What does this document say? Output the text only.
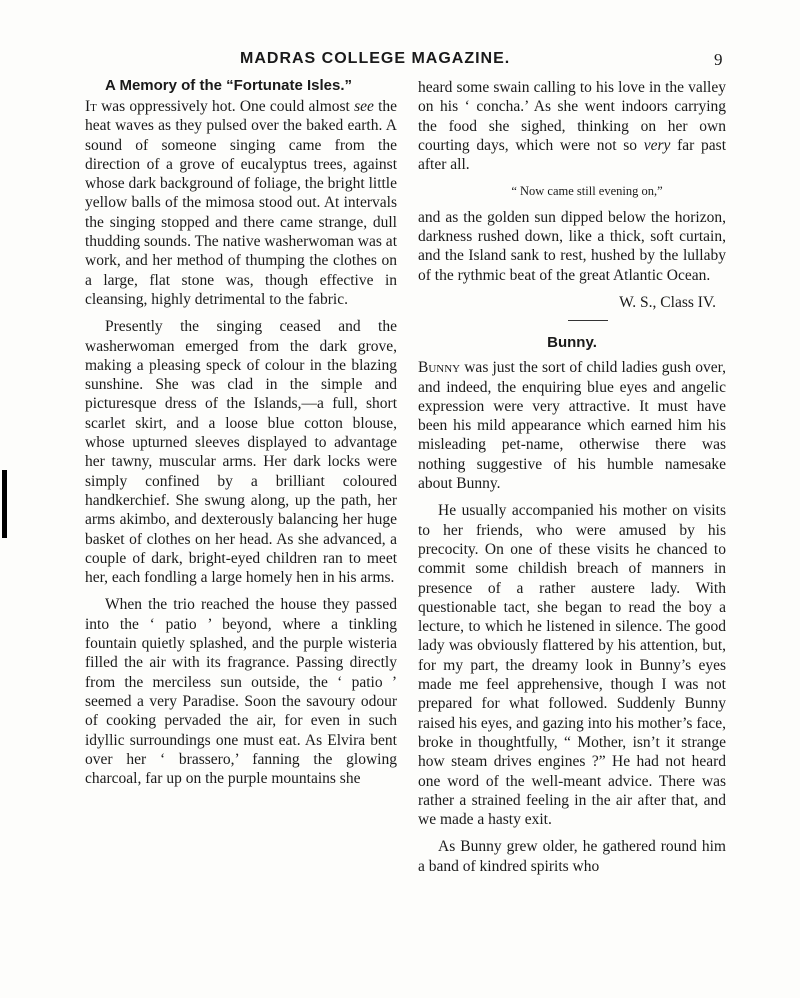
MADRAS COLLEGE MAGAZINE.	9
A Memory of the “Fortunate Isles.”

It was oppressively hot. One could almost see the heat waves as they pulsed over the baked earth. A sound of someone singing came from the direction of a grove of eucalyptus trees, against whose dark background of foliage, the bright little yellow balls of the mimosa stood out. At intervals the singing stopped and there came strange, dull thudding sounds. The native washerwoman was at work, and her method of thumping the clothes on a large, flat stone was, though effective in cleansing, highly detrimental to the fabric.

Presently the singing ceased and the washerwoman emerged from the dark grove, making a pleasing speck of colour in the blazing sunshine. She was clad in the simple and picturesque dress of the Islands,—a full, short scarlet skirt, and a loose blue cotton blouse, whose upturned sleeves displayed to advantage her tawny, muscular arms. Her dark locks were simply confined by a brilliant coloured handkerchief. She swung along, up the path, her arms akimbo, and dexterously balancing her huge basket of clothes on her head. As she advanced, a couple of dark, bright-eyed children ran to meet her, each fondling a large homely hen in his arms.

When the trio reached the house they passed into the ‘ patio ’ beyond, where a tinkling fountain quietly splashed, and the purple wisteria filled the air with its fragrance. Passing directly from the merciless sun outside, the ‘ patio ’ seemed a very Paradise. Soon the savoury odour of cooking pervaded the air, for even in such idyllic surroundings one must eat. As Elvira bent over her ‘ brassero,’ fanning the glowing charcoal, far up on the purple mountains she

heard some swain calling to his love in the valley on his ‘ concha.’ As she went indoors carrying the food she sighed, thinking on her own courting days, which were not so very far past after all.

“ Now came still evening on,”

and as the golden sun dipped below the horizon, darkness rushed down, like a thick, soft curtain, and the Island sank to rest, hushed by the lullaby of the rythmic beat of the great Atlantic Ocean.

W. S., Class IV.

Bunny.

Bunny was just the sort of child ladies gush over, and indeed, the enquiring blue eyes and angelic expression were very attractive. It must have been his mild appearance which earned him his misleading pet-name, otherwise there was nothing suggestive of his humble namesake about Bunny.

He usually accompanied his mother on visits to her friends, who were amused by his precocity. On one of these visits he chanced to commit some childish breach of manners in presence of a rather austere lady. With questionable tact, she began to read the boy a lecture, to which he listened in silence. The good lady was obviously flattered by his attention, but, for my part, the dreamy look in Bunny’s eyes made me feel apprehensive, though I was not prepared for what followed. Suddenly Bunny raised his eyes, and gazing into his mother’s face, broke in thoughtfully, “ Mother, isn’t it strange how steam drives engines ?” He had not heard one word of the well-meant advice. There was rather a strained feeling in the air after that, and we made a hasty exit.

As Bunny grew older, he gathered round him a band of kindred spirits who
